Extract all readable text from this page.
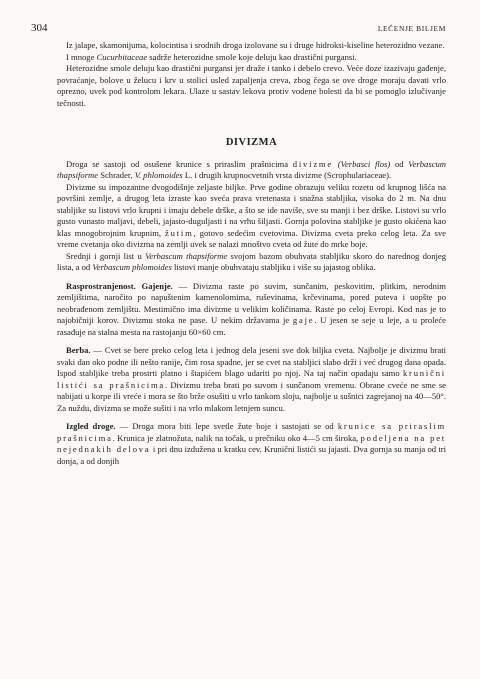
304	LEČENJE BILJEM

Iz jalape, skamonijuma, kolocintisa i srodnih droga izolovane su i druge hidroksi-kiseline heterozidno vezane.

I mnoge Cucurbitaceae sadrže heterozidne smole koje deluju kao drastični purgansi.

Heterozidne smole deluju kao drastični purgansi jer draže i tanko i debelo crevo. Veće doze izazivaju gađenje, povraćanje, bolove u želucu i krv u stolici usled zapaljenja creva, zbog čega se ove droge moraju davati vrlo oprezno, uvek pod kontrolom lekara. Ulaze u sastav lekova protiv vodene bolesti da bi se pomoglo izlučivanje tečnosti.

DIVIZMA

Droga se sastoji od osušene krunice s priraslim prašnicima divizme (Verbasci flos) od Verbascum thapsiforme Schrader, V. phlomoides L. i drugih krupnocvetnih vrsta divizme (Scrophulariaceae).

Divizme su impozantne dvogodišnje zeljaste biljke. Prve godine obrazuju veliku rozetu od krupnog lišća na površini zemlje, a drugog leta izraste kao sveća prava vretenasta i snažna stabljika, visoka do 2 m. Na dnu stabljike su listovi vrlo krupni i imaju debele drške, a što se ide naviše, sve su manji i bez drške. Listovi su vrlo gusto vunasto maljavi, debeli, jajasto-duguljasti i na vrhu šiljasti. Gornja polovina stabljike je gusto okićena kao klas mnogobrojnim krupnim, žutim, gotovo sedećim cvetovima. Divizma cveta preko celog leta. Za sve vreme cvetanja oko divizma na zemlji uvek se nalazi mnoštvo cveta od žute do mrke boje.

Srednji i gornji list u Verbascum thapsiforme svojom bazom obuhvata stabljiku skoro do narednog donjeg lista, a od Verbascum phlomoides listovi manje obuhvataju stabljiku i više su jajastog oblika.

Rasprostranjenost. Gajenje. — Divizma raste po suvim, sunčanim, peskovitim, plitkim, nerodnim zemljištima, naročito po napuštenim kamenolomima, ruševinama, krčevinama, pored puteva i uopšte po neobrađenom zemljištu. Mestimično ima divizme u velikim količinama. Raste po celoj Evropi. Kod nas je to najobičniji korov. Divizmu stoka ne pase. U nekim državama je gaje. U jesen se seje u leje, a u proleće rasađuje na stalna mesta na rastojanju 60×60 cm.

Berba. — Cvet se bere preko celog leta i jednog dela jeseni sve dok biljka cveta. Najbolje je divizmu brati svaki dan oko podne ili nešto ranije, čim rosa spadne, jer se cvet na stabljici slabo drži i već drugog dana opada. Ispod stabljike treba prostrti platno i štapićem blago udariti po njoj. Na taj način opadaju samo krunični listići sa prašnicima. Divizmu treba brati po suvom i sunčanom vremenu. Obrane cveće ne sme se nabijati u korpe ili vreće i mora se što brže osušiti u vrlo tankom sloju, najbolje u sušnici zagrejanoj na 40—50°. Za nuždu, divizma se može sušiti i na vrlo mlakom letnjem suncu.

Izgled droge. — Droga mora biti lepe svetle žute boje i sastojati se od krunice sa priraslim prašnicima. Krunica je zlatnožuta, nalik na točak, u prečniku oko 4—5 cm široka, podeljena na pet nejednakih delova i pri dnu izdužena u kratku cev. Krunični listići su jajasti. Dva gornja su manja od tri donja, a od donjih
